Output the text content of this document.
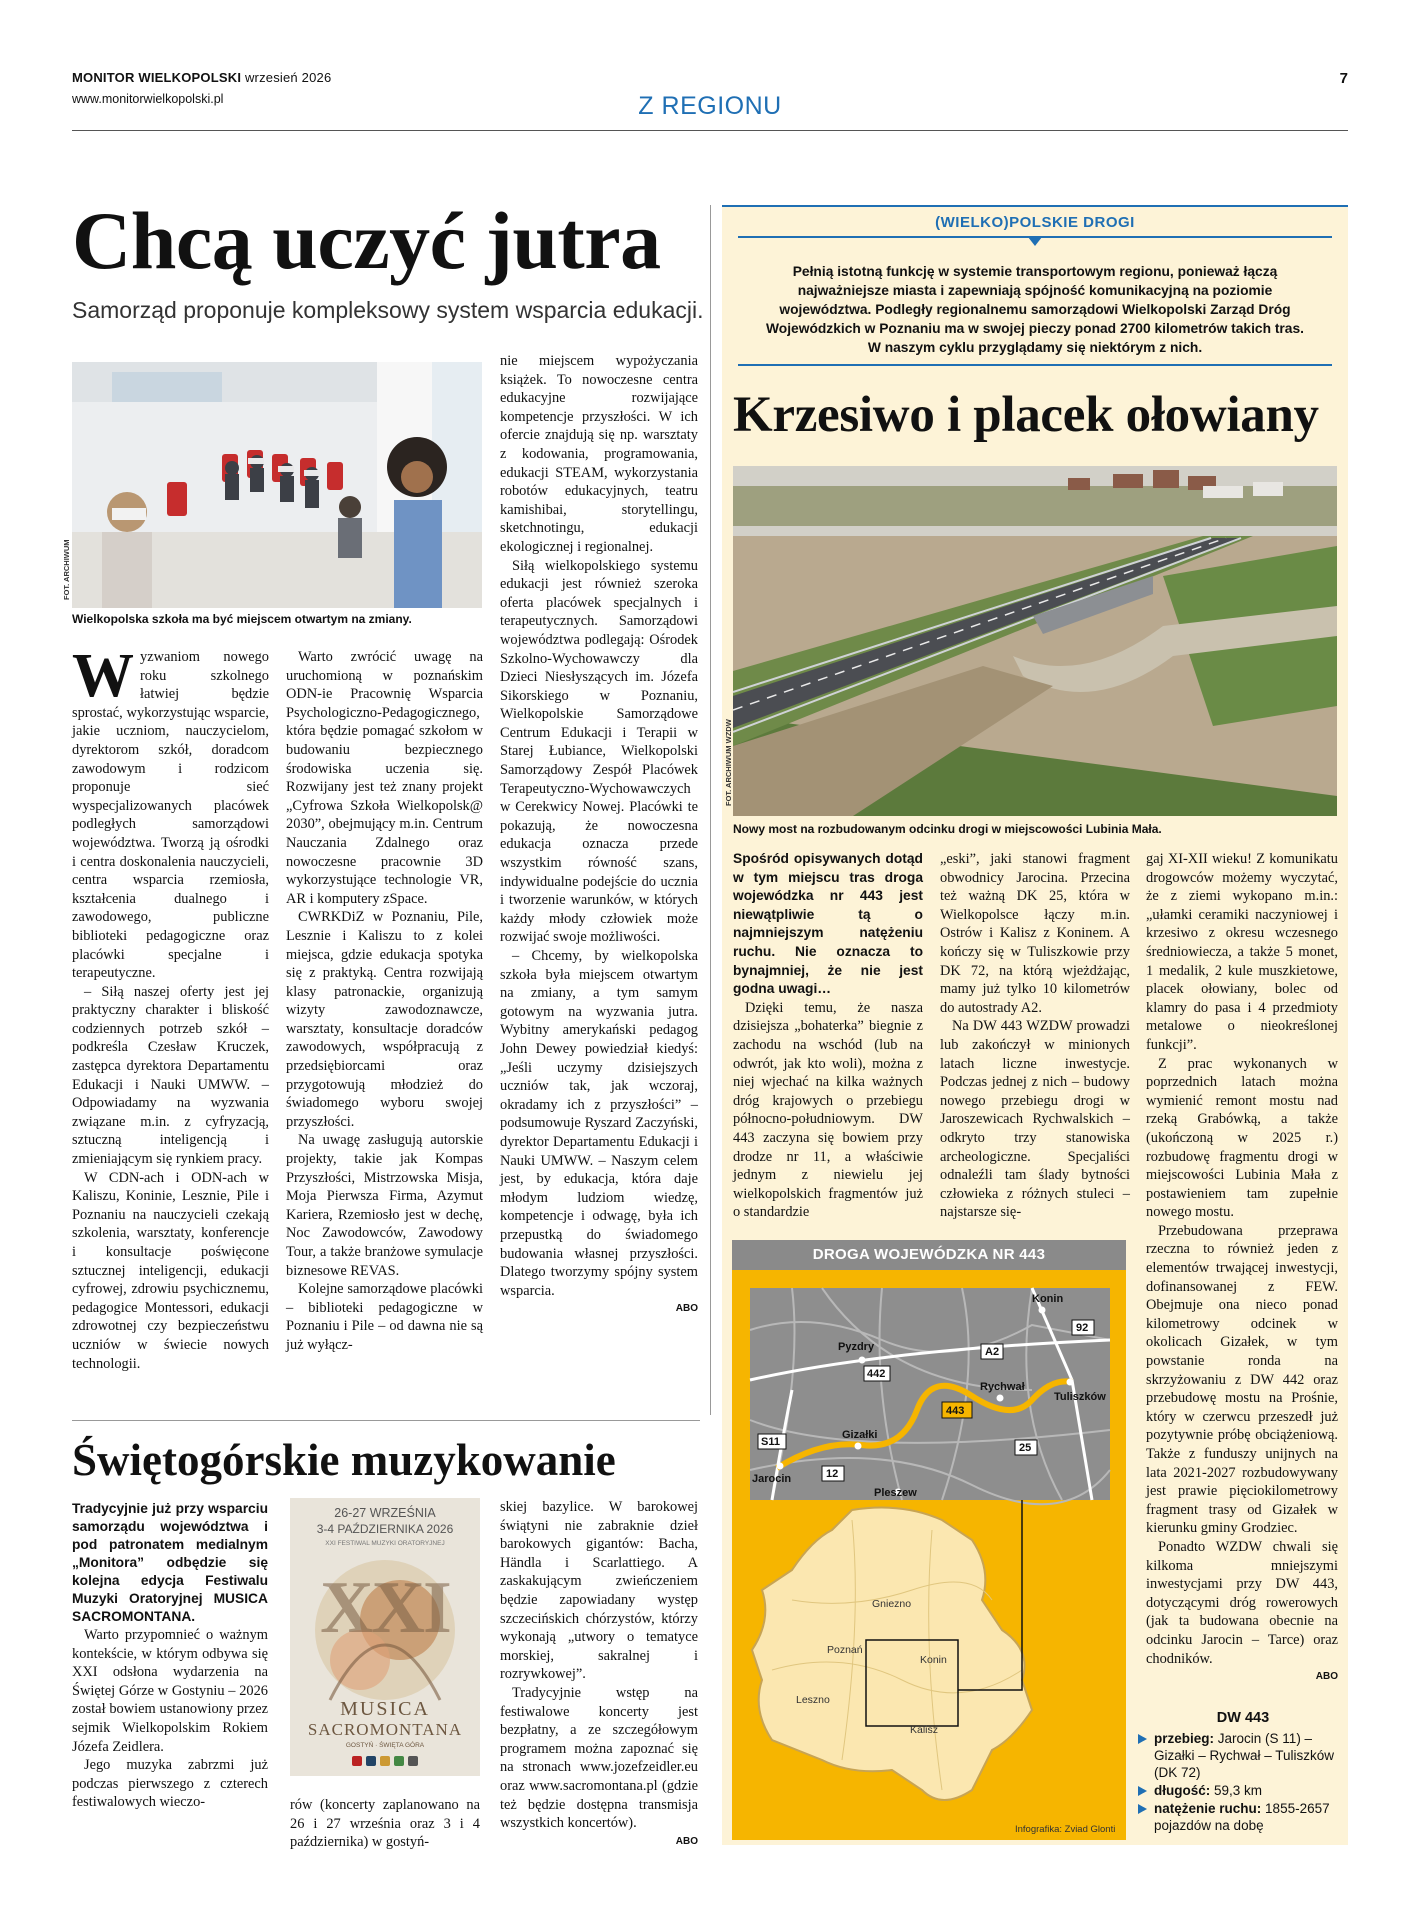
MONITOR WIELKOPOLSKI wrzesień 2026
www.monitorwielkopolski.pl
7
Z REGIONU
Chcą uczyć jutra
Samorząd proponuje kompleksowy system wsparcia edukacji.
FOT. ARCHIWUM
Wielkopolska szkoła ma być miejscem otwartym na zmiany.
W yzwaniom nowego roku szkolnego łatwiej będzie sprostać, wykorzystując wsparcie, jakie uczniom, nauczycielom, dyrektorom szkół, doradcom zawodowym i rodzicom proponuje sieć wyspecjalizowanych placówek podległych samorządowi województwa. Tworzą ją ośrodki i centra doskonalenia nauczycieli, centra wsparcia rzemiosła, kształcenia dualnego i zawodowego, publiczne biblioteki pedagogiczne oraz placówki specjalne i terapeutyczne.

– Siłą naszej oferty jest jej praktyczny charakter i bliskość codziennych potrzeb szkół – podkreśla Czesław Kruczek, zastępca dyrektora Departamentu Edukacji i Nauki UMWW. – Odpowiadamy na wyzwania związane m.in. z cyfryzacją, sztuczną inteligencją i zmieniającym się rynkiem pracy.

W CDN-ach i ODN-ach w Kaliszu, Koninie, Lesznie, Pile i Poznaniu na nauczycieli czekają szkolenia, warsztaty, konferencje i konsultacje poświęcone sztucznej inteligencji, edukacji cyfrowej, zdrowiu psychicznemu, pedagogice Montessori, edukacji zdrowotnej czy bezpieczeństwu uczniów w świecie nowych technologii.

Warto zwrócić uwagę na uruchomioną w poznańskim ODN-ie Pracownię Wsparcia Psychologiczno-Pedagogicznego, która będzie pomagać szkołom w budowaniu bezpiecznego środowiska uczenia się. Rozwijany jest też znany projekt „Cyfrowa Szkoła Wielkopolsk@ 2030”, obejmujący m.in. Centrum Nauczania Zdalnego oraz nowoczesne pracownie 3D wykorzystujące technologie VR, AR i komputery zSpace.

CWRKDiZ w Poznaniu, Pile, Lesznie i Kaliszu to z kolei miejsca, gdzie edukacja spotyka się z praktyką. Centra rozwijają klasy patronackie, organizują wizyty zawodoznawcze, warsztaty, konsultacje doradców zawodowych, współpracują z przedsiębiorcami oraz przygotowują młodzież do świadomego wyboru swojej przyszłości.

Na uwagę zasługują autorskie projekty, takie jak Kompas Przyszłości, Mistrzowska Misja, Moja Pierwsza Firma, Azymut Kariera, Rzemiosło jest w dechę, Noc Zawodowców, Zawodowy Tour, a także branżowe symulacje biznesowe REVAS.

Kolejne samorządowe placówki – biblioteki pedagogiczne w Poznaniu i Pile – od dawna nie są już wyłącz-

nie miejscem wypożyczania książek. To nowoczesne centra edukacyjne rozwijające kompetencje przyszłości. W ich ofercie znajdują się np. warsztaty z kodowania, programowania, edukacji STEAM, wykorzystania robotów edukacyjnych, teatru kamishibai, storytellingu, sketchnotingu, edukacji ekologicznej i regionalnej.

Siłą wielkopolskiego systemu edukacji jest również szeroka oferta placówek specjalnych i terapeutycznych. Samorządowi województwa podlegają: Ośrodek Szkolno-Wychowawczy dla Dzieci Niesłyszących im. Józefa Sikorskiego w Poznaniu, Wielkopolskie Samorządowe Centrum Edukacji i Terapii w Starej Łubiance, Wielkopolski Samorządowy Zespół Placówek Terapeutyczno-Wychowawczych w Cerekwicy Nowej. Placówki te pokazują, że nowoczesna edukacja oznacza przede wszystkim równość szans, indywidualne podejście do ucznia i tworzenie warunków, w których każdy młody człowiek może rozwijać swoje możliwości.

– Chcemy, by wielkopolska szkoła była miejscem otwartym na zmiany, a tym samym gotowym na wyzwania jutra. Wybitny amerykański pedagog John Dewey powiedział kiedyś: „Jeśli uczymy dzisiejszych uczniów tak, jak wczoraj, okradamy ich z przyszłości” – podsumowuje Ryszard Zaczyński, dyrektor Departamentu Edukacji i Nauki UMWW. – Naszym celem jest, by edukacja, która daje młodym ludziom wiedzę, kompetencje i odwagę, była ich przepustką do świadomego budowania własnej przyszłości. Dlatego tworzymy spójny system wsparcia.

ABO
(WIELKO)POLSKIE DROGI
Pełnią istotną funkcję w systemie transportowym regionu, ponieważ łączą najważniejsze miasta i zapewniają spójność komunikacyjną na poziomie województwa. Podległy regionalnemu samorządowi Wielkopolski Zarząd Dróg Wojewódzkich w Poznaniu ma w swojej pieczy ponad 2700 kilometrów takich tras. W naszym cyklu przyglądamy się niektórym z nich.
Krzesiwo i placek ołowiany
Nowy most na rozbudowanym odcinku drogi w miejscowości Lubinia Mała.

Spośród opisywanych dotąd w tym miejscu tras droga wojewódzka nr 443 jest niewątpliwie tą o najmniejszym natężeniu ruchu. Nie oznacza to bynajmniej, że nie jest godna uwagi…

Dzięki temu, że nasza dzisiejsza „bohaterka” biegnie z zachodu na wschód (lub na odwrót, jak kto woli), można z niej wjechać na kilka ważnych dróg krajowych o przebiegu północno-południowym. DW 443 zaczyna się bowiem przy drodze nr 11, a właściwie jednym z niewielu jej wielkopolskich fragmentów już o standardzie

„eski”, jaki stanowi fragment obwodnicy Jarocina. Przecina też ważną DK 25, która w Wielkopolsce łączy m.in. Ostrów i Kalisz z Koninem. A kończy się w Tuliszkowie przy DK 72, na którą wjeżdżając, mamy już tylko 10 kilometrów do autostrady A2.

Na DW 443 WZDW prowadzi lub zakończył w minionych latach liczne inwestycje. Podczas jednej z nich – budowy nowego przebiegu drogi w Jaroszewicach Rychwalskich – odkryto trzy stanowiska archeologiczne. Specjaliści odnaleźli tam ślady bytności człowieka z różnych stuleci – najstarsze się-

gaj XI-XII wieku! Z komunikatu drogowców możemy wyczytać, że z ziemi wykopano m.in.: „ułamki ceramiki naczyniowej i krzesiwo z okresu wczesnego średniowiecza, a także 5 monet, 1 medalik, 2 kule muszkietowe, placek ołowiany, bolec od klamry do pasa i 4 przedmioty metalowe o nieokreślonej funkcji”.

Z prac wykonanych w poprzednich latach można wymienić remont mostu nad rzeką Grabówką, a także (ukończoną w 2025 r.) rozbudowę fragmentu drogi w miejscowości Lubinia Mała z postawieniem tam zupełnie nowego mostu.

Przebudowana przeprawa rzeczna to również jeden z elementów trwającej inwestycji, dofinansowanej z FEW. Obejmuje ona nieco ponad kilometrowy odcinek w okolicach Gizałek, w tym powstanie ronda na skrzyżowaniu z DW 442 oraz przebudowę mostu na Prośnie, który w czerwcu przeszedł już pozytywnie próbę obciążeniową. Także z funduszy unijnych na lata 2021-2027 rozbudowywany jest prawie pięciokilometrowy fragment trasy od Gizałek w kierunku gminy Grodziec.

Ponadto WZDW chwali się kilkoma mniejszymi inwestycjami przy DW 443, dotyczącymi dróg rowerowych (jak ta budowana obecnie na odcinku Jarocin – Tarce) oraz chodników.

ABO
DROGA WOJEWÓDZKA NR 443
Konin
Pyzdry
Rychwał
Tuliszków
Gizałki
Jarocin
Pleszew
A2
92
442
443
S11	25
12
Gniezno
Poznań
Konin
Leszno
Kalisz
Infografika: Zviad Glonti
DW 443
przebieg: Jarocin (S 11) – Gizałki – Rychwał – Tuliszków (DK 72)
długość: 59,3 km
natężenie ruchu: 1855-2657 pojazdów na dobę
Świętogórskie muzykowanie

Tradycyjnie już przy wsparciu samorządu województwa i pod patronatem medialnym „Monitora” odbędzie się kolejna edycja Festiwalu Muzyki Oratoryjnej MUSICA SACROMONTANA.

Warto przypomnieć o ważnym kontekście, w którym odbywa się XXI odsłona wydarzenia na Świętej Górze w Gostyniu – 2026 został bowiem ustanowiony przez sejmik Wielkopolskim Rokiem Józefa Zeidlera.

Jego muzyka zabrzmi już podczas pierwszego z czterech festiwalowych wieczo-

26-27 WRZEŚNIA
3-4 PAŹDZIERNIKA 2026
XXI FESTIWAL MUZYKI ORATORYJNEJ
XXI
MUSICA
SACROMONTANA
GOSTYŃ · ŚWIĘTA GÓRA

rów (koncerty zaplanowano na 26 i 27 września oraz 3 i 4 października) w gostyń-

skiej bazylice. W barokowej świątyni nie zabraknie dzieł barokowych gigantów: Bacha, Händla i Scarlattiego. A zaskakującym zwieńczeniem będzie zapowiadany występ szczecińskich chórzystów, którzy wykonają „utwory o tematyce morskiej, sakralnej i rozrywkowej”.

Tradycyjnie wstęp na festiwalowe koncerty jest bezpłatny, a ze szczegółowym programem można zapoznać się na stronach www.jozefzeidler.eu oraz www.sacromontana.pl (gdzie też będzie dostępna transmisja wszystkich koncertów).

ABO
